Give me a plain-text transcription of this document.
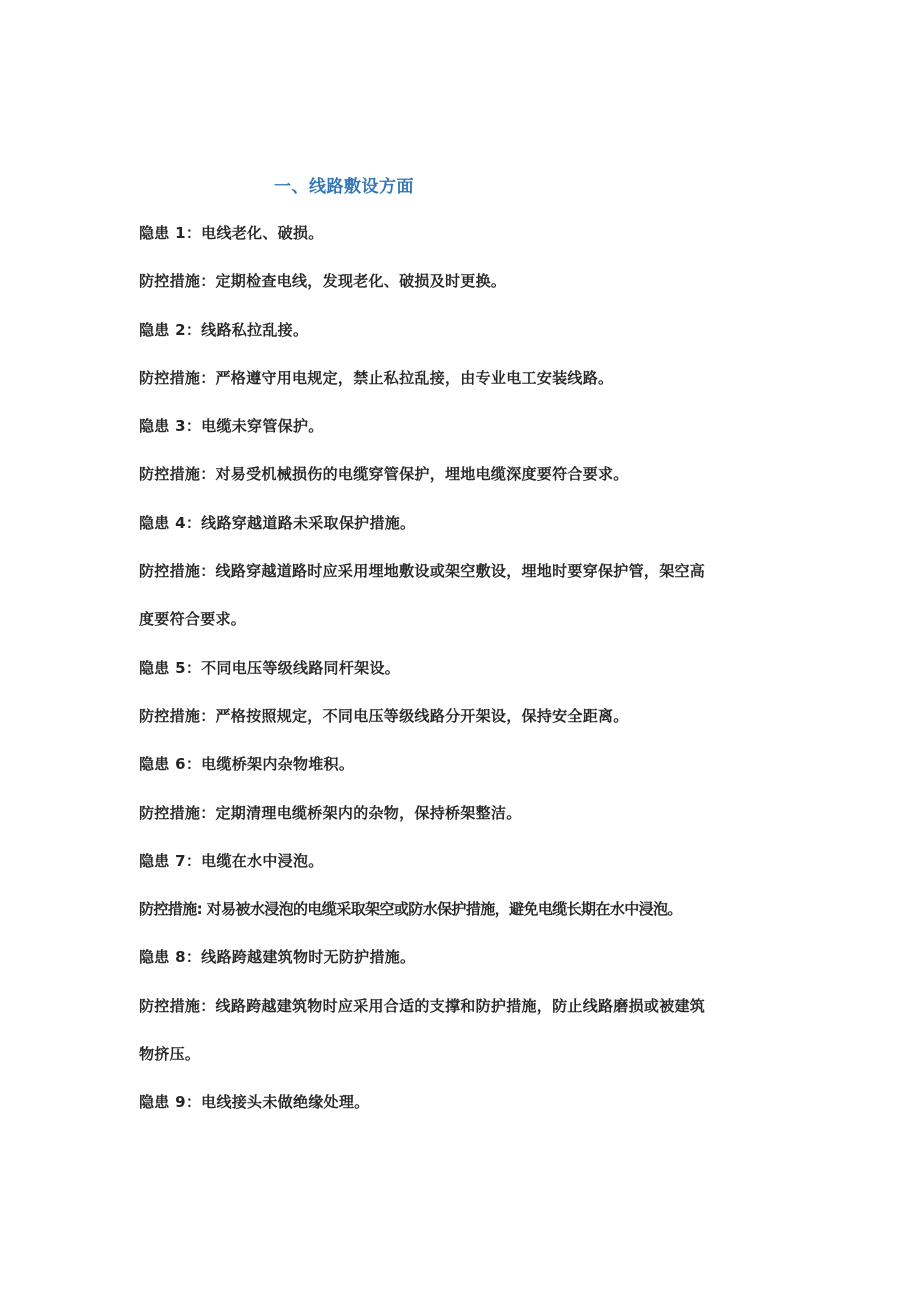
一、线路敷设方面
隐患 1：电线老化、破损。
防控措施：定期检查电线，发现老化、破损及时更换。
隐患 2：线路私拉乱接。
防控措施：严格遵守用电规定，禁止私拉乱接，由专业电工安装线路。
隐患 3：电缆未穿管保护。
防控措施：对易受机械损伤的电缆穿管保护，埋地电缆深度要符合要求。
隐患 4：线路穿越道路未采取保护措施。
防控措施：线路穿越道路时应采用埋地敷设或架空敷设，埋地时要穿保护管，架空高
度要符合要求。
隐患 5：不同电压等级线路同杆架设。
防控措施：严格按照规定，不同电压等级线路分开架设，保持安全距离。
隐患 6：电缆桥架内杂物堆积。
防控措施：定期清理电缆桥架内的杂物，保持桥架整洁。
隐患 7：电缆在水中浸泡。
防控措施: 对易被水浸泡的电缆采取架空或防水保护措施，避免电缆长期在水中浸泡。
隐患 8：线路跨越建筑物时无防护措施。
防控措施：线路跨越建筑物时应采用合适的支撑和防护措施，防止线路磨损或被建筑
物挤压。
隐患 9：电线接头未做绝缘处理。
